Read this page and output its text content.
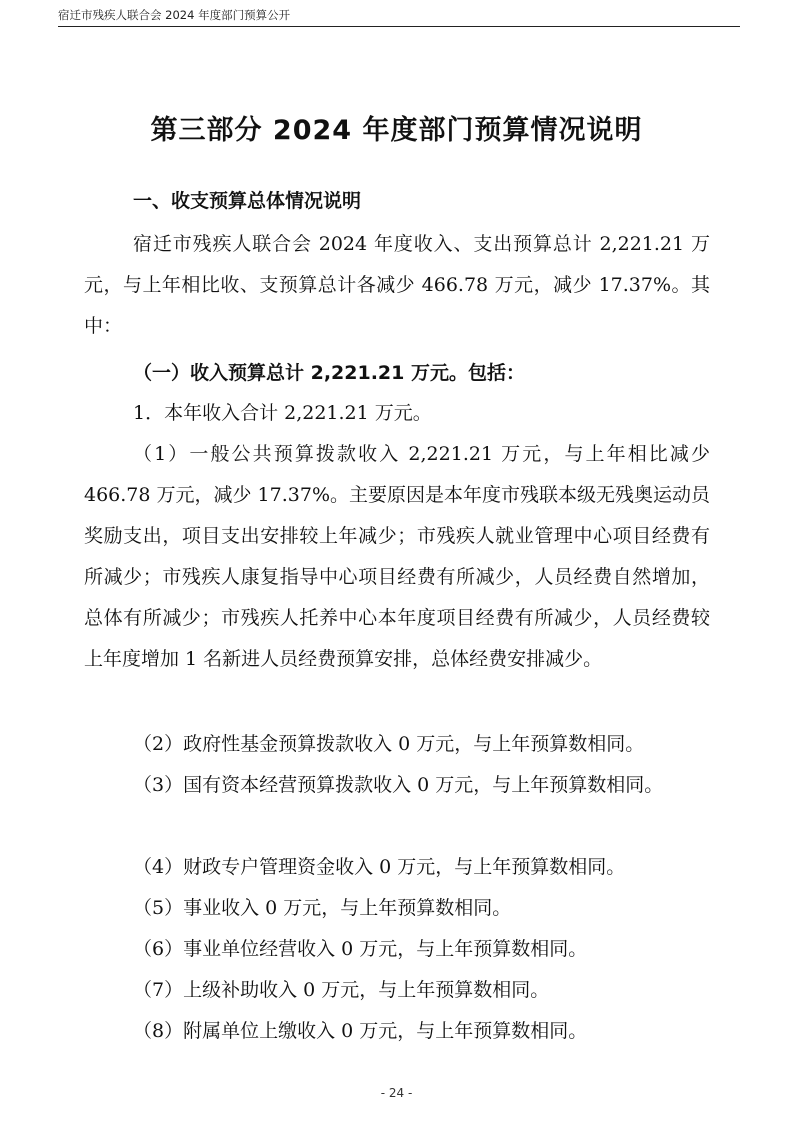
宿迁市残疾人联合会 2024 年度部门预算公开
第三部分 2024 年度部门预算情况说明
一、收支预算总体情况说明

宿迁市残疾人联合会 2024 年度收入、支出预算总计 2,221.21 万元，与上年相比收、支预算总计各减少 466.78 万元，减少 17.37%。其中：

（一）收入预算总计 2,221.21 万元。包括：

1．本年收入合计 2,221.21 万元。

（1）一般公共预算拨款收入 2,221.21 万元，与上年相比减少 466.78 万元，减少 17.37%。主要原因是本年度市残联本级无残奥运动员奖励支出，项目支出安排较上年减少；市残疾人就业管理中心项目经费有所减少；市残疾人康复指导中心项目经费有所减少，人员经费自然增加，总体有所减少；市残疾人托养中心本年度项目经费有所减少，人员经费较上年度增加 1 名新进人员经费预算安排，总体经费安排减少。

（2）政府性基金预算拨款收入 0 万元，与上年预算数相同。

（3）国有资本经营预算拨款收入 0 万元，与上年预算数相同。

（4）财政专户管理资金收入 0 万元，与上年预算数相同。

（5）事业收入 0 万元，与上年预算数相同。

（6）事业单位经营收入 0 万元，与上年预算数相同。

（7）上级补助收入 0 万元，与上年预算数相同。

（8）附属单位上缴收入 0 万元，与上年预算数相同。

- 24 -
